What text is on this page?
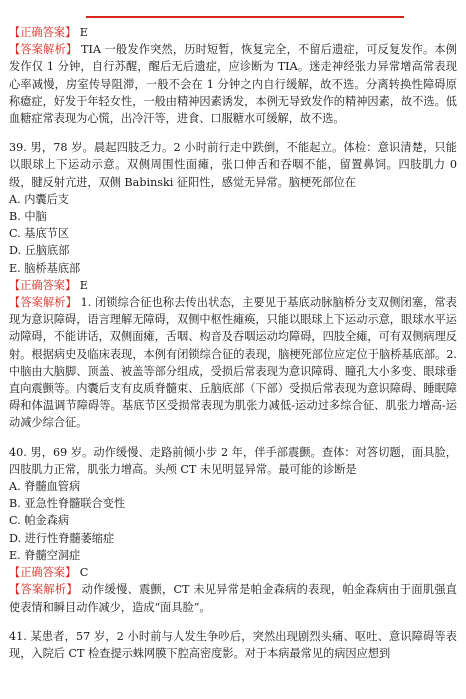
【正确答案】 E

【答案解析】 TIA 一般发作突然，历时短暂，恢复完全，不留后遗症，可反复发作。本例发作仅 1 分钟，自行苏醒，醒后无后遗症，应诊断为 TIA。迷走神经张力异常增高常表现心率减慢，房室传导阻滞，一般不会在 1 分钟之内自行缓解，故不选。分离转换性障碍原称癔症，好发于年轻女性，一般由精神因素诱发，本例无导致发作的精神因素，故不选。低血糖症常表现为心慌，出冷汗等，进食、口服糖水可缓解，故不选。

39. 男，78 岁。晨起四肢乏力。2 小时前行走中跌倒，不能起立。体检：意识清楚，只能以眼球上下运动示意。双侧周围性面瘫，张口伸舌和吞咽不能，留置鼻饲。四肢肌力 0 级，腱反射亢进，双侧 Babinski 征阳性，感觉无异常。脑梗死部位在

A. 内囊后支

B. 中脑

C. 基底节区

D. 丘脑底部

E. 脑桥基底部

【正确答案】 E

【答案解析】 1. 闭锁综合征也称去传出状态，主要见于基底动脉脑桥分支双侧闭塞，常表现为意识障碍，语言理解无障碍，双侧中枢性瘫痪，只能以眼球上下运动示意，眼球水平运动障碍，不能讲话，双侧面瘫，舌咽、构音及吞咽运动均障碍，四肢全瘫，可有双侧病理反射。根据病史及临床表现，本例有闭锁综合征的表现，脑梗死部位应定位于脑桥基底部。2. 中脑由大脑脚、顶盖、被盖等部分组成，受损后常表现为意识障碍、瞳孔大小多变、眼球垂直向震颤等。内囊后支有皮质脊髓束、丘脑底部（下部）受损后常表现为意识障碍、睡眠障碍和体温调节障碍等。基底节区受损常表现为肌张力减低-运动过多综合征、肌张力增高-运动减少综合征。

40. 男，69 岁。动作缓慢、走路前倾小步 2 年，伴手部震颤。查体：对答切题，面具脸，四肢肌力正常，肌张力增高。头颅 CT 未见明显异常。最可能的诊断是

A. 脊髓血管病

B. 亚急性脊髓联合变性

C. 帕金森病

D. 进行性脊髓萎缩症

E. 脊髓空洞症

【正确答案】 C

【答案解析】 动作缓慢、震颤，CT 未见异常是帕金森病的表现，帕金森病由于面肌强直使表情和瞬目动作减少，造成“面具脸”。

41. 某患者，57 岁，2 小时前与人发生争吵后，突然出现剧烈头痛、呕吐、意识障碍等表现，入院后 CT 检查提示蛛网膜下腔高密度影。对于本病最常见的病因应想到
